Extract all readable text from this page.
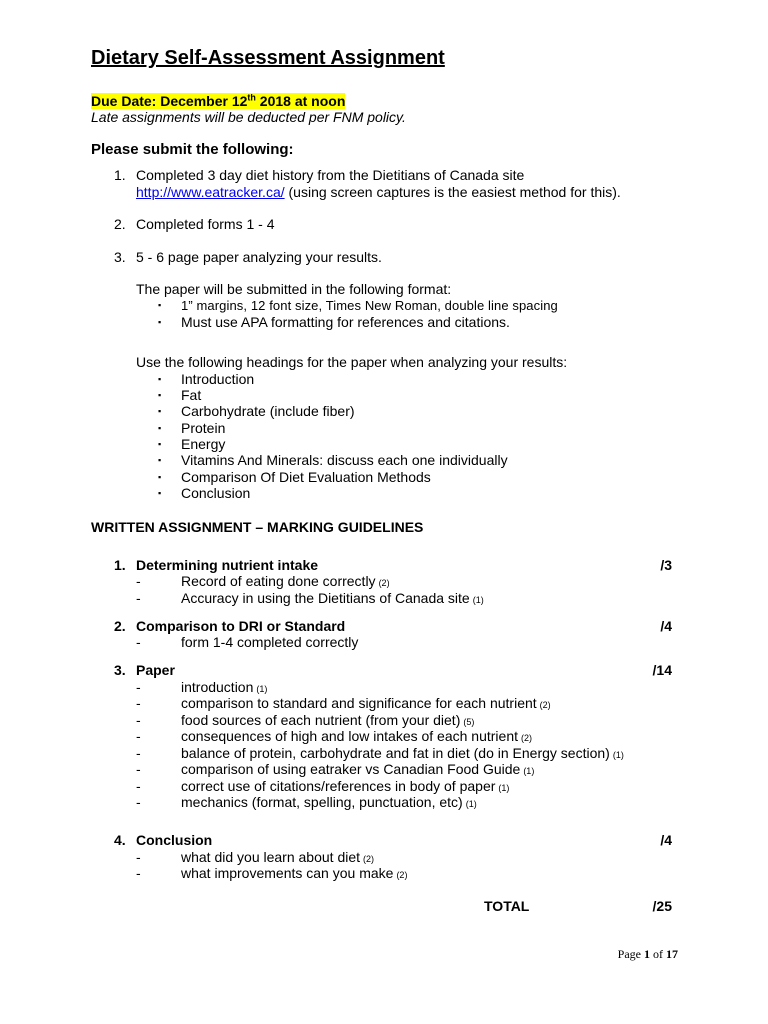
Dietary Self-Assessment Assignment
Due Date: December 12th 2018 at noon
Late assignments will be deducted per FNM policy.
Please submit the following:
1. Completed 3 day diet history from the Dietitians of Canada site
http://www.eatracker.ca/ (using screen captures is the easiest method for this).
2. Completed forms 1 - 4
3. 5 - 6 page paper analyzing your results.
The paper will be submitted in the following format:
▪ 1” margins, 12 font size, Times New Roman, double line spacing
▪ Must use APA formatting for references and citations.
Use the following headings for the paper when analyzing your results:
▪ Introduction
▪ Fat
▪ Carbohydrate (include fiber)
▪ Protein
▪ Energy
▪ Vitamins And Minerals: discuss each one individually
▪ Comparison Of Diet Evaluation Methods
▪ Conclusion
WRITTEN ASSIGNMENT – MARKING GUIDELINES
1. Determining nutrient intake	/3
-	Record of eating done correctly (2)
-	Accuracy in using the Dietitians of Canada site (1)
2. Comparison to DRI or Standard	/4
-	form 1-4 completed correctly
3. Paper	/14
-	introduction (1)
-	comparison to standard and significance for each nutrient (2)
-	food sources of each nutrient (from your diet) (5)
-	consequences of high and low intakes of each nutrient (2)
-	balance of protein, carbohydrate and fat in diet (do in Energy section) (1)
-	comparison of using eatraker vs Canadian Food Guide (1)
-	correct use of citations/references in body of paper (1)
-	mechanics (format, spelling, punctuation, etc) (1)
4. Conclusion	/4
-	what did you learn about diet (2)
-	what improvements can you make (2)
TOTAL	/25
Page 1 of 17
